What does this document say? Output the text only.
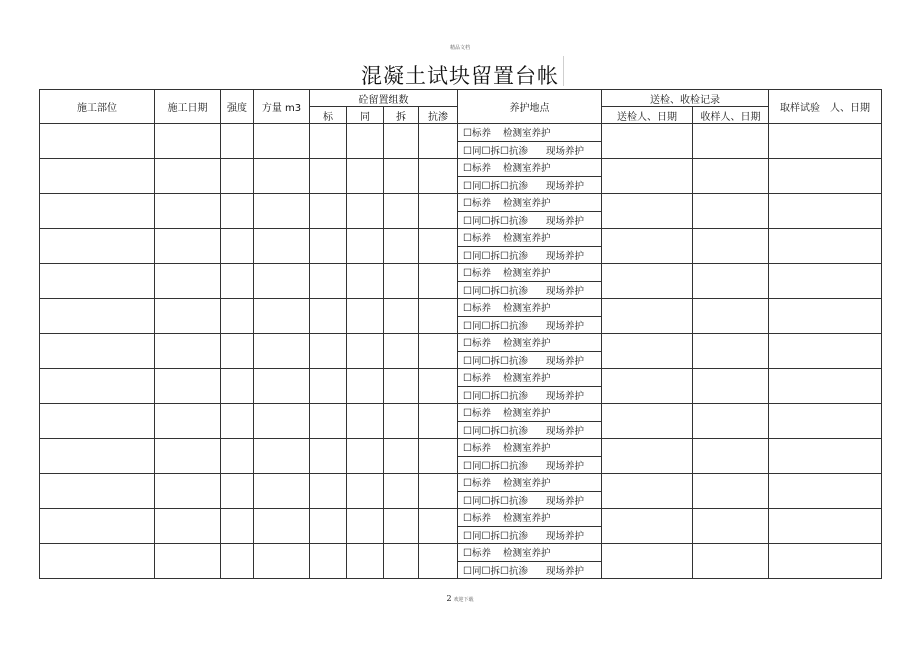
精品文档
混凝土试块留置台帐
施工部位	施工日期	强度	方量 m3	砼留置组数				养护地点	送检、收检记录		取样试验　人、日期
				标	同	拆	抗渗		送检人、日期	收样人、日期	
								☐标养 检测室养护			
								☐同☐拆☐抗渗 现场养护			
								☐标养 检测室养护			
								☐同☐拆☐抗渗 现场养护			
								☐标养 检测室养护			
								☐同☐拆☐抗渗 现场养护			
								☐标养 检测室养护			
								☐同☐拆☐抗渗 现场养护			
								☐标养 检测室养护			
								☐同☐拆☐抗渗 现场养护			
								☐标养 检测室养护			
								☐同☐拆☐抗渗 现场养护			
								☐标养 检测室养护			
								☐同☐拆☐抗渗 现场养护			
								☐标养 检测室养护			
								☐同☐拆☐抗渗 现场养护			
								☐标养 检测室养护			
								☐同☐拆☐抗渗 现场养护			
								☐标养 检测室养护			
								☐同☐拆☐抗渗 现场养护			
								☐标养 检测室养护			
								☐同☐拆☐抗渗 现场养护			
								☐标养 检测室养护			
								☐同☐拆☐抗渗 现场养护			
								☐标养 检测室养护			
								☐同☐拆☐抗渗 现场养护			
2 欢迎下载
